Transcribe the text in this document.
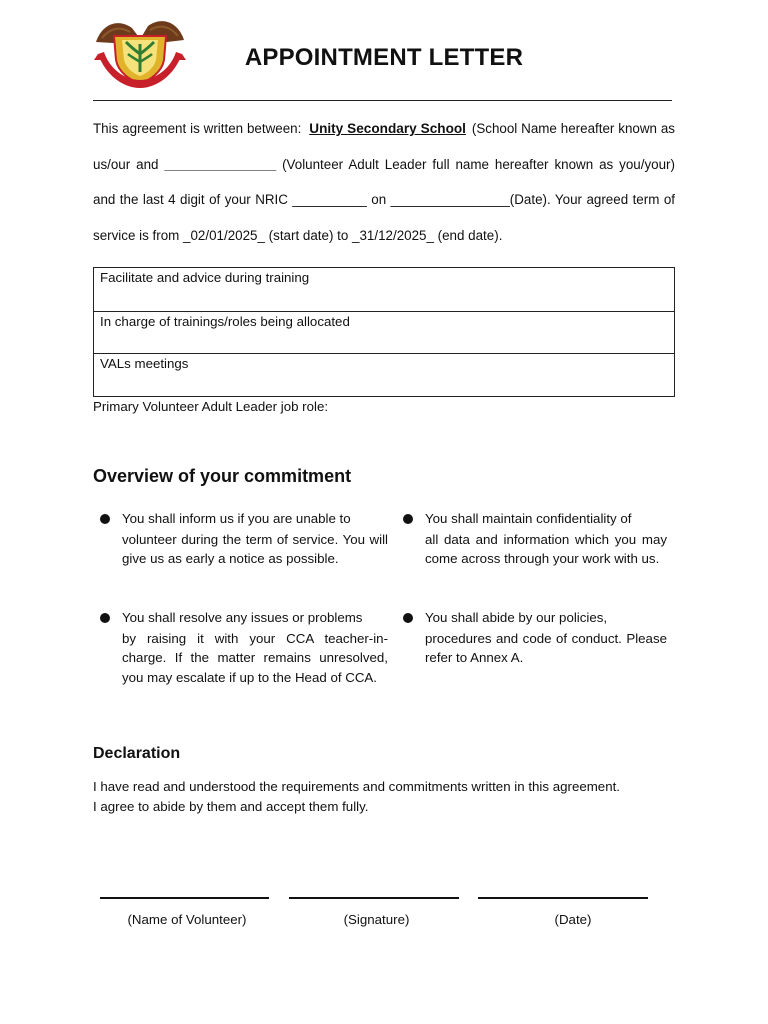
APPOINTMENT LETTER
This agreement is written between: Unity Secondary School (School Name hereafter known as us/our and _______________ (Volunteer Adult Leader full name hereafter known as you/your) and the last 4 digit of your NRIC __________ on ________________(Date). Your agreed term of service is from _02/01/2025_ (start date) to _31/12/2025_ (end date).
Facilitate and advice during training
In charge of trainings/roles being allocated
VALs meetings
Primary Volunteer Adult Leader job role:
Overview of your commitment
You shall inform us if you are unable to
volunteer during the term of service. You will give us as early a notice as possible.
You shall maintain confidentiality of
all data and information which you may come across through your work with us.
You shall resolve any issues or problems
by raising it with your CCA teacher-in-charge. If the matter remains unresolved, you may escalate if up to the Head of CCA.
You shall abide by our policies,
procedures and code of conduct. Please refer to Annex A.
Declaration
I have read and understood the requirements and commitments written in this agreement.
I agree to abide by them and accept them fully.
(Name of Volunteer)	(Signature)	(Date)
